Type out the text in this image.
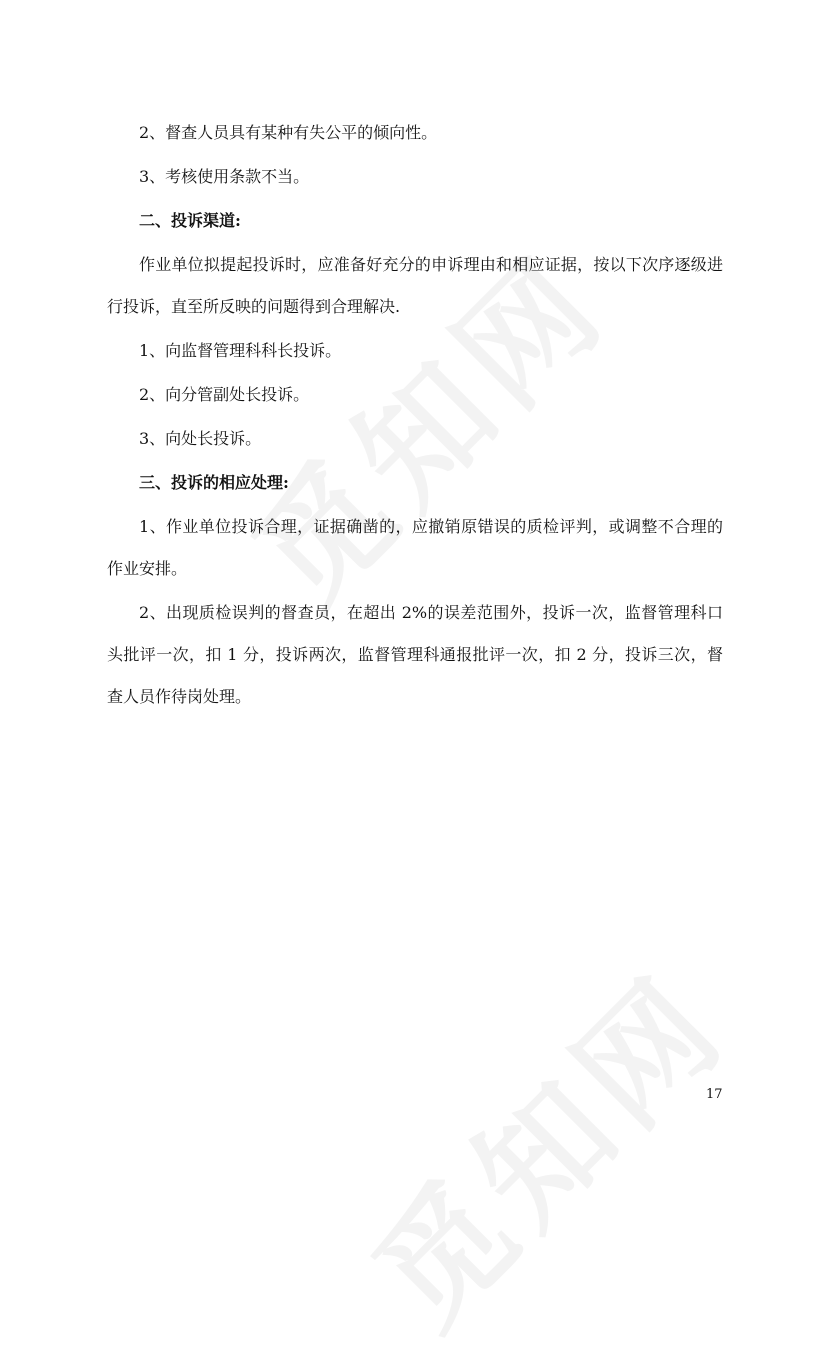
2、督查人员具有某种有失公平的倾向性。

3、考核使用条款不当。

二、投诉渠道:

作业单位拟提起投诉时，应准备好充分的申诉理由和相应证据，按以下次序逐级进行投诉，直至所反映的问题得到合理解决.

1、向监督管理科科长投诉。

2、向分管副处长投诉。

3、向处长投诉。

三、投诉的相应处理:

1、作业单位投诉合理，证据确凿的，应撤销原错误的质检评判，或调整不合理的作业安排。

2、出现质检误判的督查员，在超出 2%的误差范围外，投诉一次，监督管理科口头批评一次，扣 1 分，投诉两次，监督管理科通报批评一次，扣 2 分，投诉三次，督查人员作待岗处理。

17
